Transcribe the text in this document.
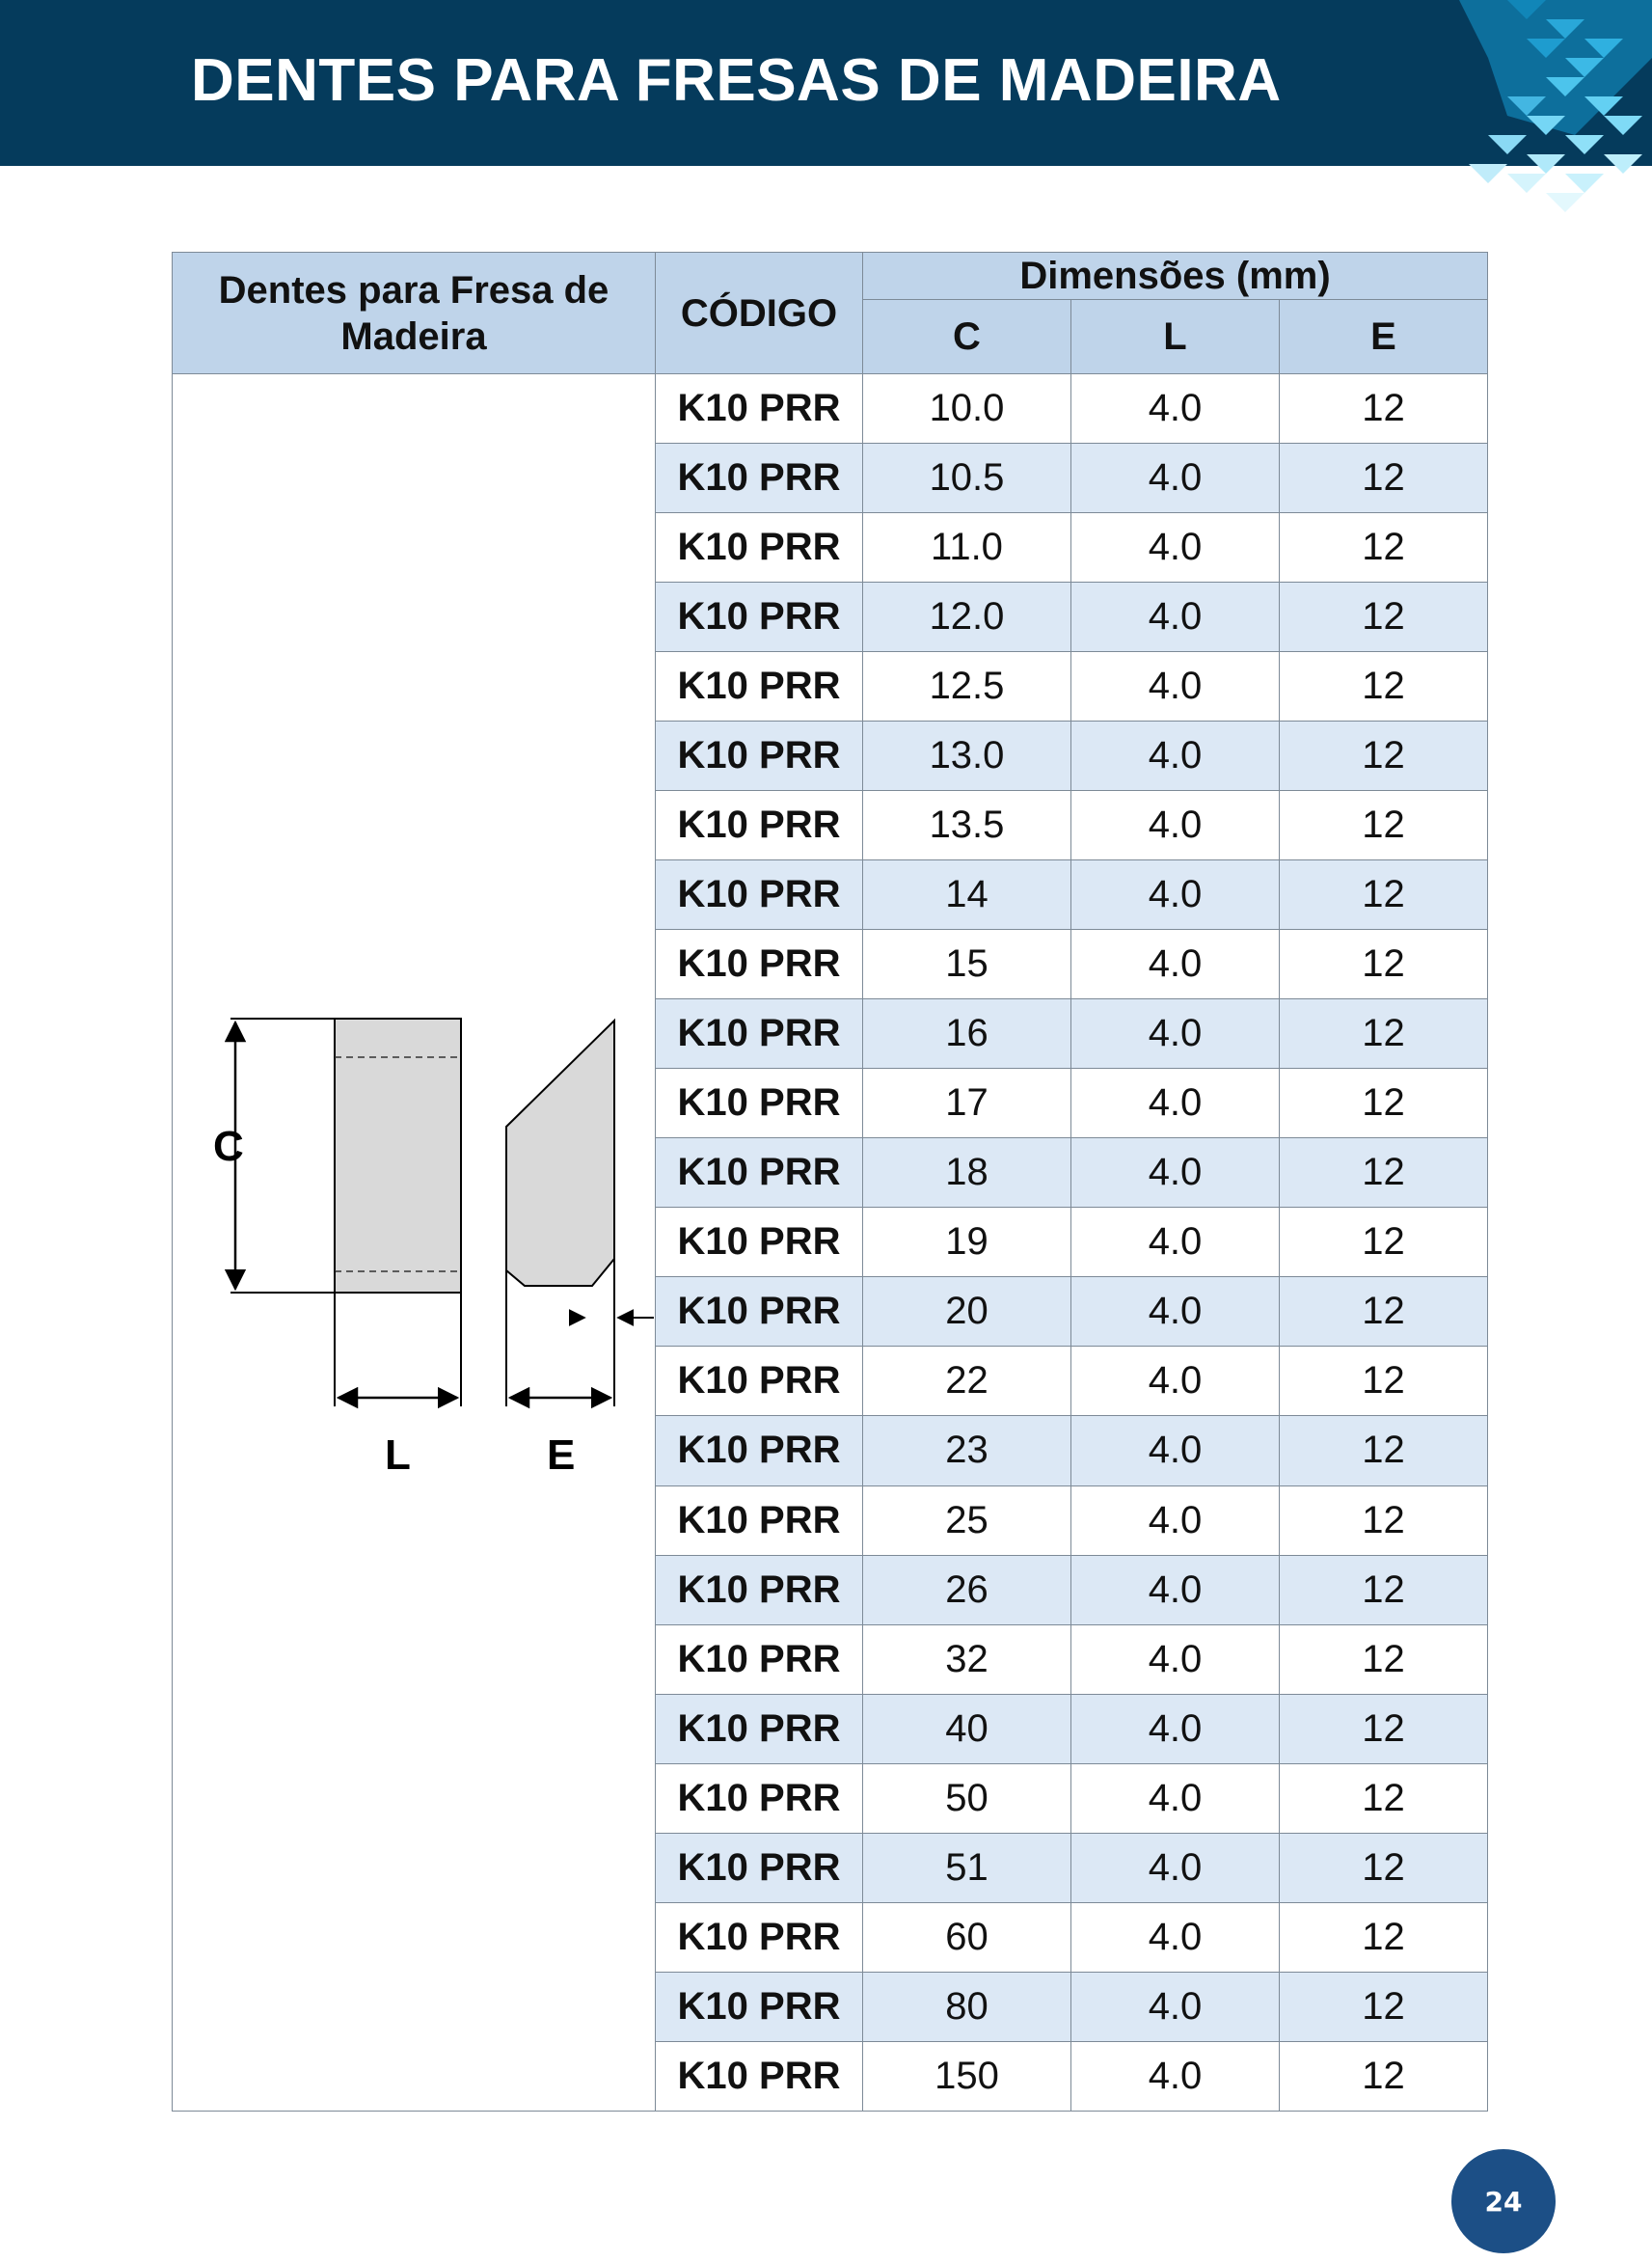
DENTES PARA FRESAS DE MADEIRA
Dentes para Fresa de Madeira	CÓDIGO	Dimensões (mm)		
		C	L	E

C
L E	K10 PRR	10.0	4.0	12
	K10 PRR	10.5	4.0	12
	K10 PRR	11.0	4.0	12
	K10 PRR	12.0	4.0	12
	K10 PRR	12.5	4.0	12
	K10 PRR	13.0	4.0	12
	K10 PRR	13.5	4.0	12
	K10 PRR	14	4.0	12
	K10 PRR	15	4.0	12
	K10 PRR	16	4.0	12
	K10 PRR	17	4.0	12
	K10 PRR	18	4.0	12
	K10 PRR	19	4.0	12
	K10 PRR	20	4.0	12
	K10 PRR	22	4.0	12
	K10 PRR	23	4.0	12
	K10 PRR	25	4.0	12
	K10 PRR	26	4.0	12
	K10 PRR	32	4.0	12
	K10 PRR	40	4.0	12
	K10 PRR	50	4.0	12
	K10 PRR	51	4.0	12
	K10 PRR	60	4.0	12
	K10 PRR	80	4.0	12
	K10 PRR	150	4.0	12
24
